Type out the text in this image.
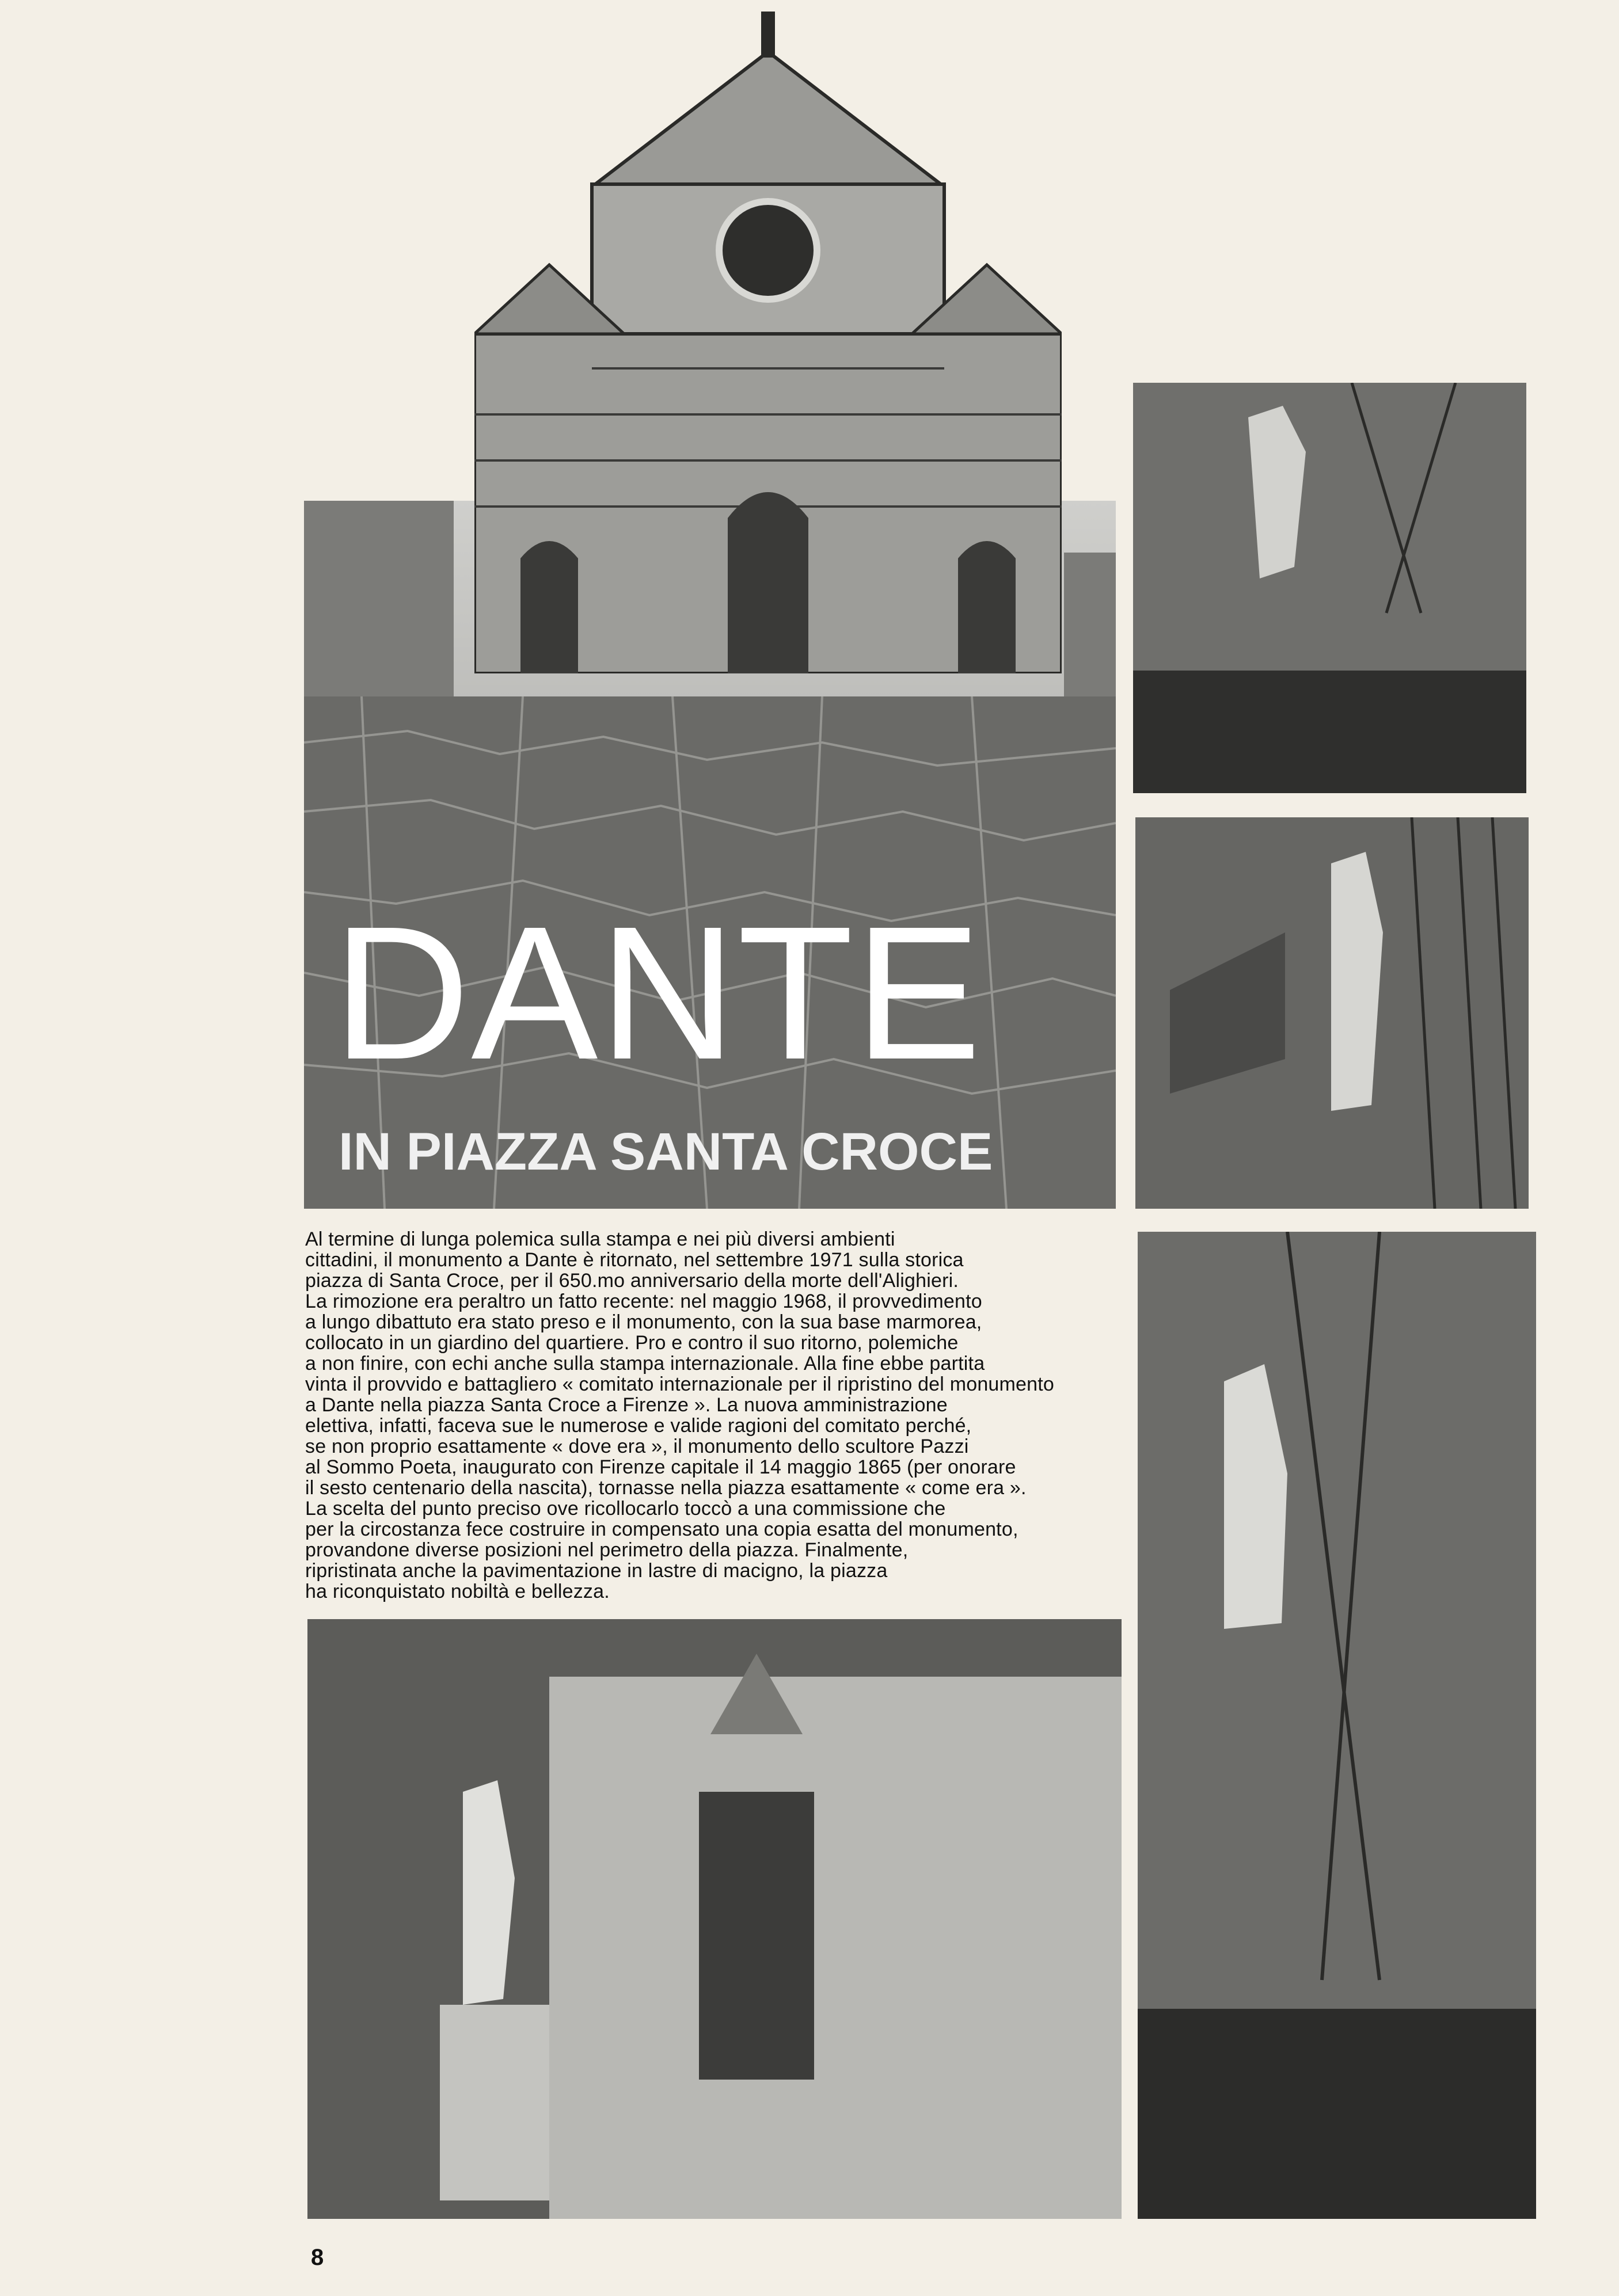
DANTE
IN PIAZZA SANTA CROCE

Al termine di lunga polemica sulla stampa e nei più diversi ambienti
cittadini, il monumento a Dante è ritornato, nel settembre 1971 sulla storica
piazza di Santa Croce, per il 650.mo anniversario della morte dell'Alighieri.
La rimozione era peraltro un fatto recente: nel maggio 1968, il provvedimento
a lungo dibattuto era stato preso e il monumento, con la sua base marmorea,
collocato in un giardino del quartiere. Pro e contro il suo ritorno, polemiche
a non finire, con echi anche sulla stampa internazionale. Alla fine ebbe partita
vinta il provvido e battagliero « comitato internazionale per il ripristino del monumento
a Dante nella piazza Santa Croce a Firenze ». La nuova amministrazione
elettiva, infatti, faceva sue le numerose e valide ragioni del comitato perché,
se non proprio esattamente « dove era », il monumento dello scultore Pazzi
al Sommo Poeta, inaugurato con Firenze capitale il 14 maggio 1865 (per onorare
il sesto centenario della nascita), tornasse nella piazza esattamente « come era ».
La scelta del punto preciso ove ricollocarlo toccò a una commissione che
per la circostanza fece costruire in compensato una copia esatta del monumento,
provandone diverse posizioni nel perimetro della piazza. Finalmente,
ripristinata anche la pavimentazione in lastre di macigno, la piazza
ha riconquistato nobiltà e bellezza.

8
